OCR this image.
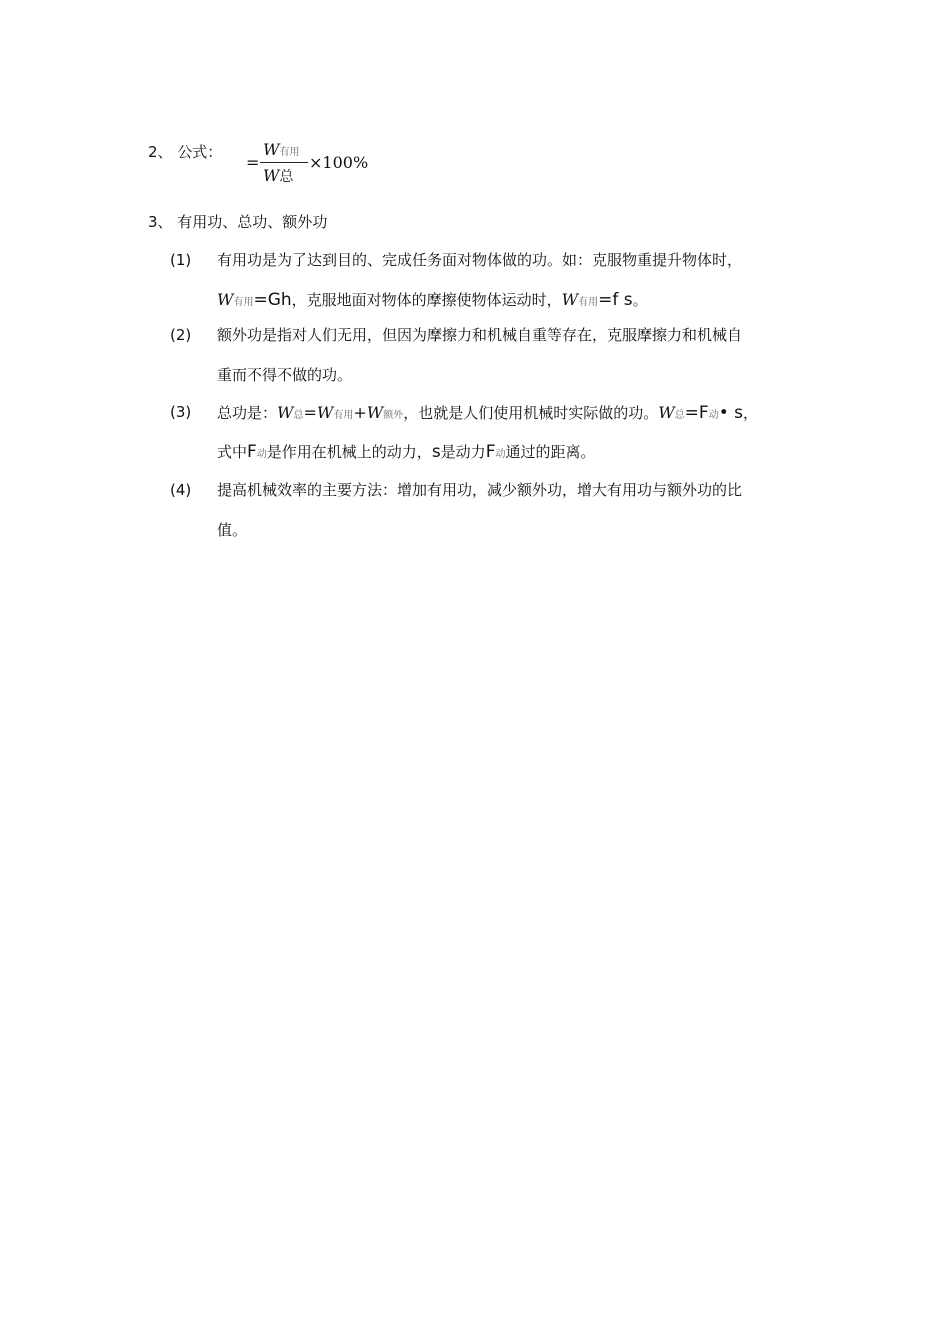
2、 公式：
=
W有用
W总
×100%
3、 有用功、总功、额外功
(1) 有用功是为了达到目的、完成任务面对物体做的功。如：克服物重提升物体时，
W有用=Gh，克服地面对物体的摩擦使物体运动时，W有用=f s。
(2) 额外功是指对人们无用，但因为摩擦力和机械自重等存在，克服摩擦力和机械自
重而不得不做的功。
(3) 总功是：W总=W有用+W额外，也就是人们使用机械时实际做的功。W总=F动• s，
式中F动是作用在机械上的动力，s是动力F动通过的距离。
(4) 提高机械效率的主要方法：增加有用功，减少额外功，增大有用功与额外功的比
值。
